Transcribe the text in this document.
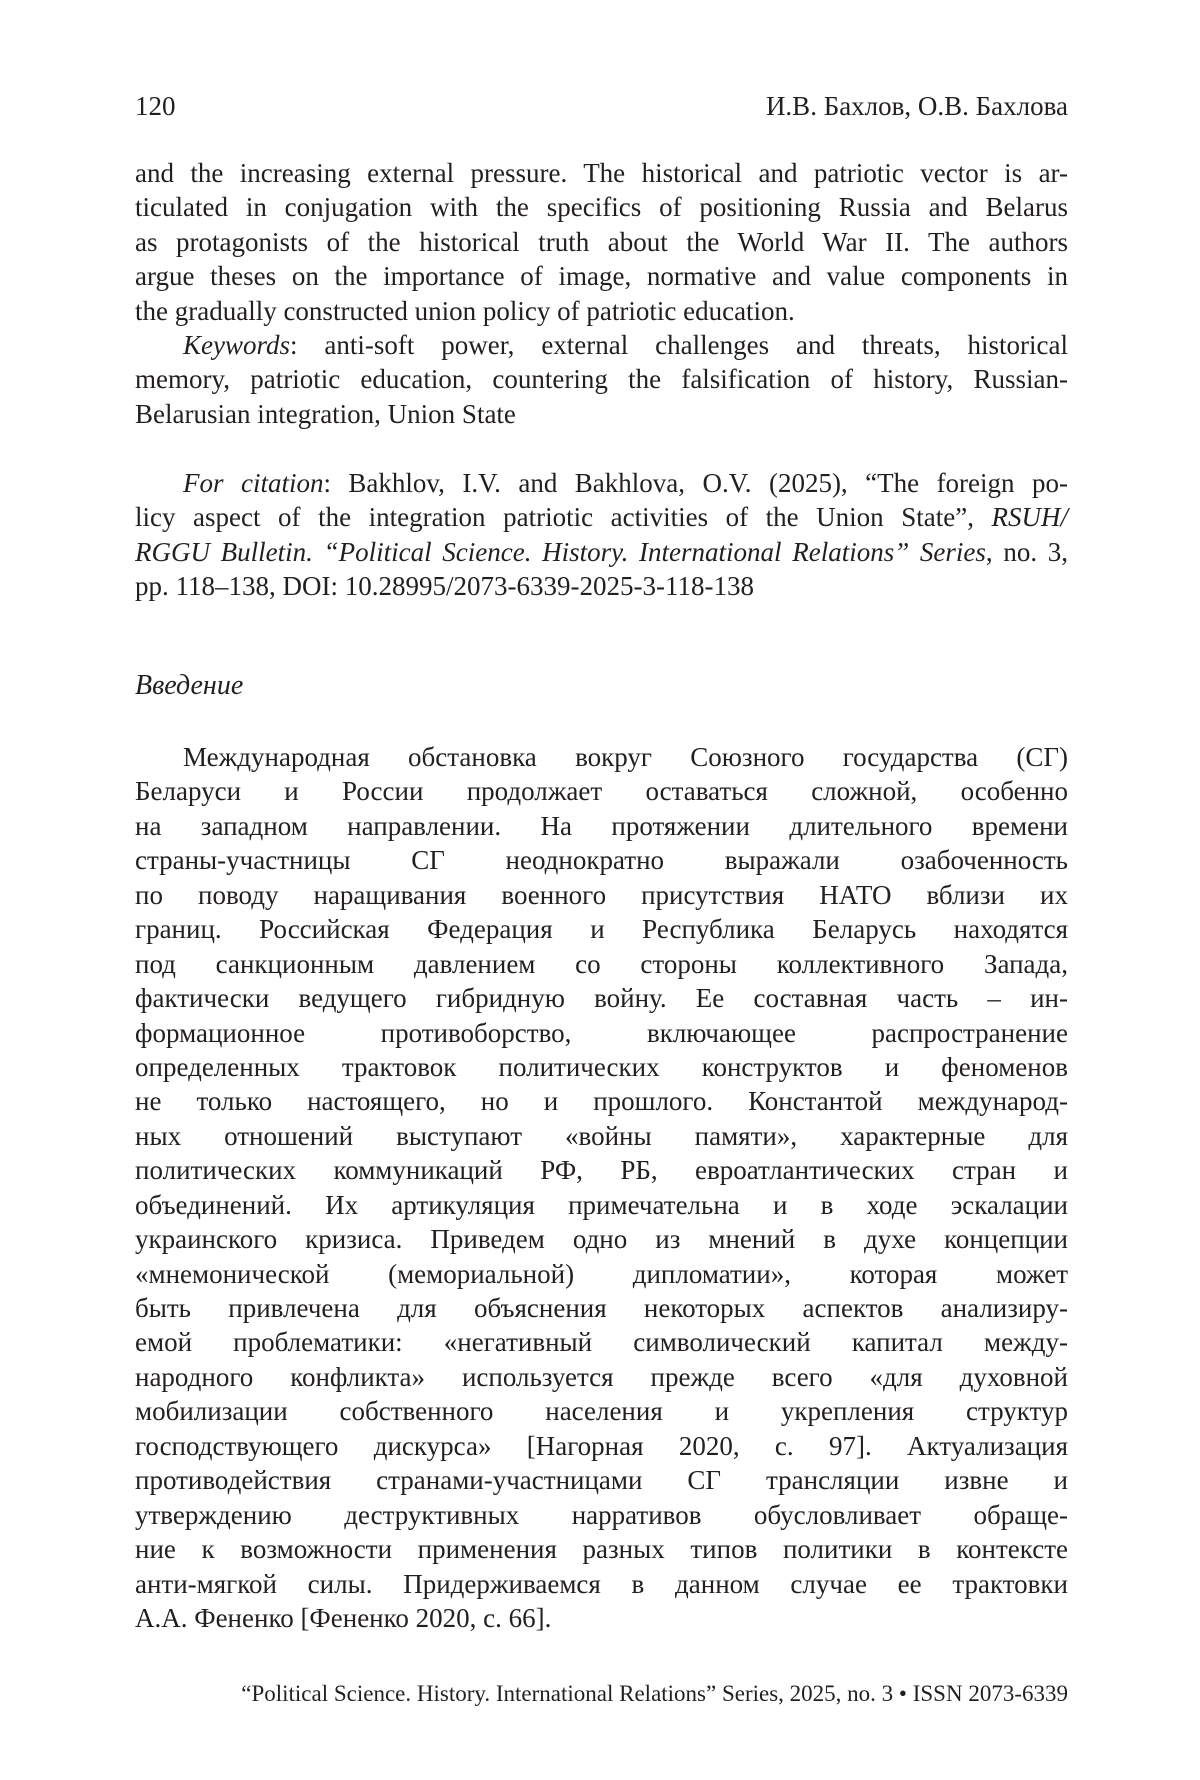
120	И.В. Бахлов, О.В. Бахлова
and the increasing external pressure. The historical and patriotic vector is ar-
ticulated in conjugation with the specifics of positioning Russia and Belarus
as protagonists of the historical truth about the World War II. The authors
argue theses on the importance of image, normative and value components in
the gradually constructed union policy of patriotic education.
Keywords: anti-soft power, external challenges and threats, historical
memory, patriotic education, countering the falsification of history, Russian-
Belarusian integration, Union State
For citation: Bakhlov, I.V. and Bakhlova, O.V. (2025), “The foreign po-
licy aspect of the integration patriotic activities of the Union State”, RSUH/
RGGU Bulletin. “Political Science. History. International Relations” Series, no. 3,
pp. 118–138, DOI: 10.28995/2073-6339-2025-3-118-138
Введение
Международная обстановка вокруг Союзного государства (СГ)
Беларуси и России продолжает оставаться сложной, особенно
на западном направлении. На протяжении длительного времени
страны-участницы СГ неоднократно выражали озабоченность
по поводу наращивания военного присутствия НАТО вблизи их
границ. Российская Федерация и Республика Беларусь находятся
под санкционным давлением со стороны коллективного Запада,
фактически ведущего гибридную войну. Ее составная часть – ин-
формационное противоборство, включающее распространение
определенных трактовок политических конструктов и феноменов
не только настоящего, но и прошлого. Константой международ-
ных отношений выступают «войны памяти», характерные для
политических коммуникаций РФ, РБ, евроатлантических стран и
объединений. Их артикуляция примечательна и в ходе эскалации
украинского кризиса. Приведем одно из мнений в духе концепции
«мнемонической (мемориальной) дипломатии», которая может
быть привлечена для объяснения некоторых аспектов анализиру-
емой проблематики: «негативный символический капитал между-
народного конфликта» используется прежде всего «для духовной
мобилизации собственного населения и укрепления структур
господствующего дискурса» [Нагорная 2020, с. 97]. Актуализация
противодействия странами-участницами СГ трансляции извне и
утверждению деструктивных нарративов обусловливает обраще-
ние к возможности применения разных типов политики в контексте
анти-мягкой силы. Придерживаемся в данном случае ее трактовки
А.А. Фененко [Фененко 2020, с. 66].
“Political Science. History. International Relations” Series, 2025, no. 3 • ISSN 2073-6339
